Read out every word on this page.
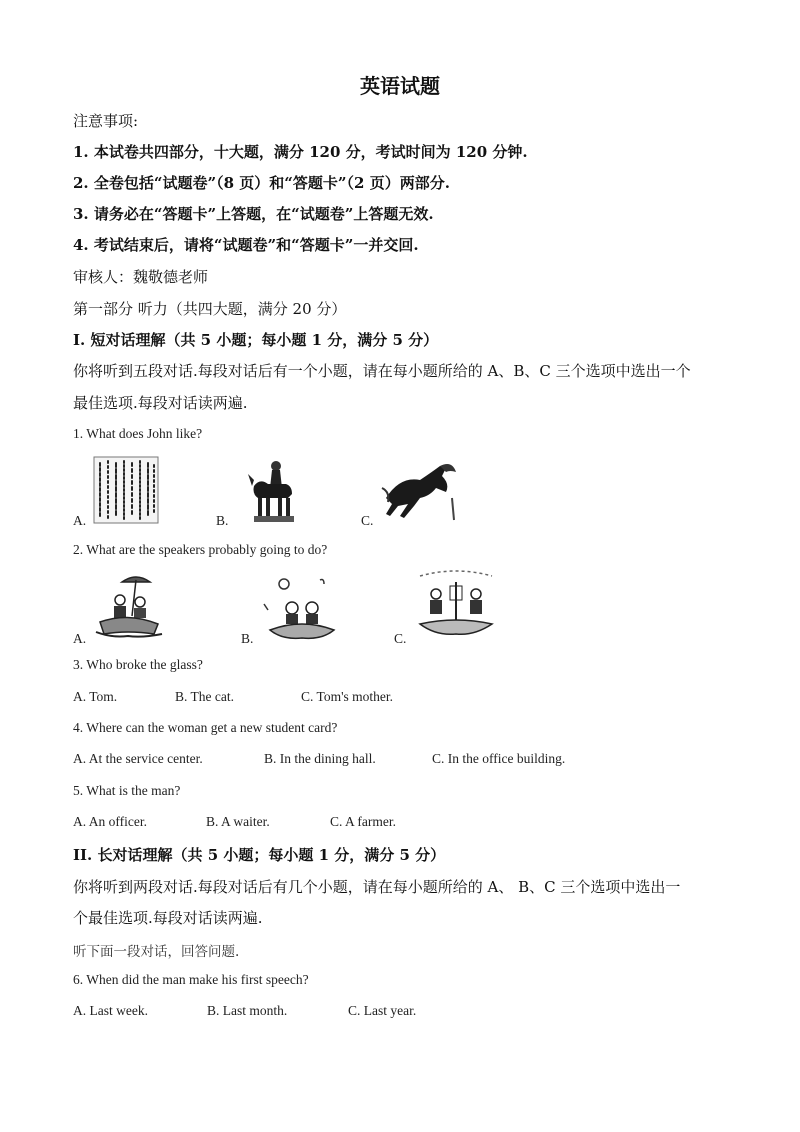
英语试题
注意事项:
1. 本试卷共四部分，十大题，满分 120 分，考试时间为 120 分钟.
2. 全卷包括“试题卷”（8 页）和“答题卡”（2 页）两部分.
3. 请务必在“答题卡”上答题，在“试题卷”上答题无效.
4. 考试结束后，请将“试题卷”和“答题卡”一并交回.
审核人：魏敬德老师
第一部分 听力（共四大题，满分 20 分）
I. 短对话理解（共 5 小题；每小题 1 分，满分 5 分）
你将听到五段对话.每段对话后有一个小题，请在每小题所给的 A、B、C 三个选项中选出一个
最佳选项.每段对话读两遍.
1. What does John like?
A.	B.	C.
2. What are the speakers probably going to do?
A.	B.	C.
3. Who broke the glass?
A. Tom.	B. The cat.	C. Tom's mother.
4. Where can the woman get a new student card?
A. At the service center.	B. In the dining hall.	C. In the office building.
5. What is the man?
A. An officer.	B. A waiter.	C. A farmer.
II. 长对话理解（共 5 小题；每小题 1 分，满分 5 分）
你将听到两段对话.每段对话后有几个小题，请在每小题所给的 A、 B、C 三个选项中选出一
个最佳选项.每段对话读两遍.
听下面一段对话，回答问题.
6. When did the man make his first speech?
A. Last week.	B. Last month.	C. Last year.
